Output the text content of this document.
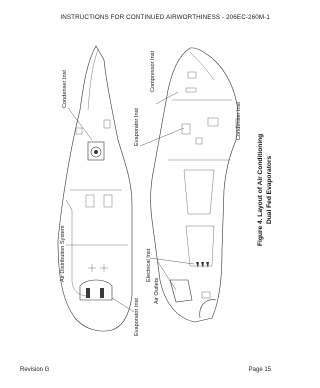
INSTRUCTIONS FOR CONTINUED AIRWORTHINESS - 206EC-260M-1
Condenser Inst
Air Distribution System
Evaporator Inst
Compressor Inst
Evaporator Inst	Condenser Inst
Electrical Inst
Air Outlets
Figure 4. Layout of Air Conditioning Dual Fed Evaporators
Revision G	Page 15
